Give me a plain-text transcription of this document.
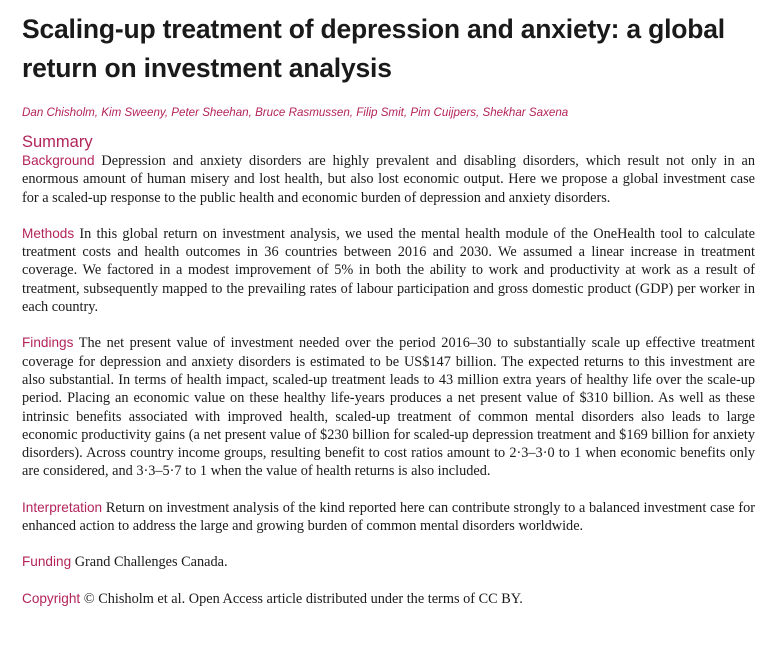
Scaling-up treatment of depression and anxiety: a global return on investment analysis
Dan Chisholm, Kim Sweeny, Peter Sheehan, Bruce Rasmussen, Filip Smit, Pim Cuijpers, Shekhar Saxena
Summary

Background Depression and anxiety disorders are highly prevalent and disabling disorders, which result not only in an enormous amount of human misery and lost health, but also lost economic output. Here we propose a global investment case for a scaled-up response to the public health and economic burden of depression and anxiety disorders.

Methods In this global return on investment analysis, we used the mental health module of the OneHealth tool to calculate treatment costs and health outcomes in 36 countries between 2016 and 2030. We assumed a linear increase in treatment coverage. We factored in a modest improvement of 5% in both the ability to work and productivity at work as a result of treatment, subsequently mapped to the prevailing rates of labour participation and gross domestic product (GDP) per worker in each country.

Findings The net present value of investment needed over the period 2016–30 to substantially scale up effective treatment coverage for depression and anxiety disorders is estimated to be US$147 billion. The expected returns to this investment are also substantial. In terms of health impact, scaled-up treatment leads to 43 million extra years of healthy life over the scale-up period. Placing an economic value on these healthy life-years produces a net present value of $310 billion. As well as these intrinsic benefits associated with improved health, scaled-up treatment of common mental disorders also leads to large economic productivity gains (a net present value of $230 billion for scaled-up depression treatment and $169 billion for anxiety disorders). Across country income groups, resulting benefit to cost ratios amount to 2·3–3·0 to 1 when economic benefits only are considered, and 3·3–5·7 to 1 when the value of health returns is also included.

Interpretation Return on investment analysis of the kind reported here can contribute strongly to a balanced investment case for enhanced action to address the large and growing burden of common mental disorders worldwide.

Funding Grand Challenges Canada.

Copyright © Chisholm et al. Open Access article distributed under the terms of CC BY.
